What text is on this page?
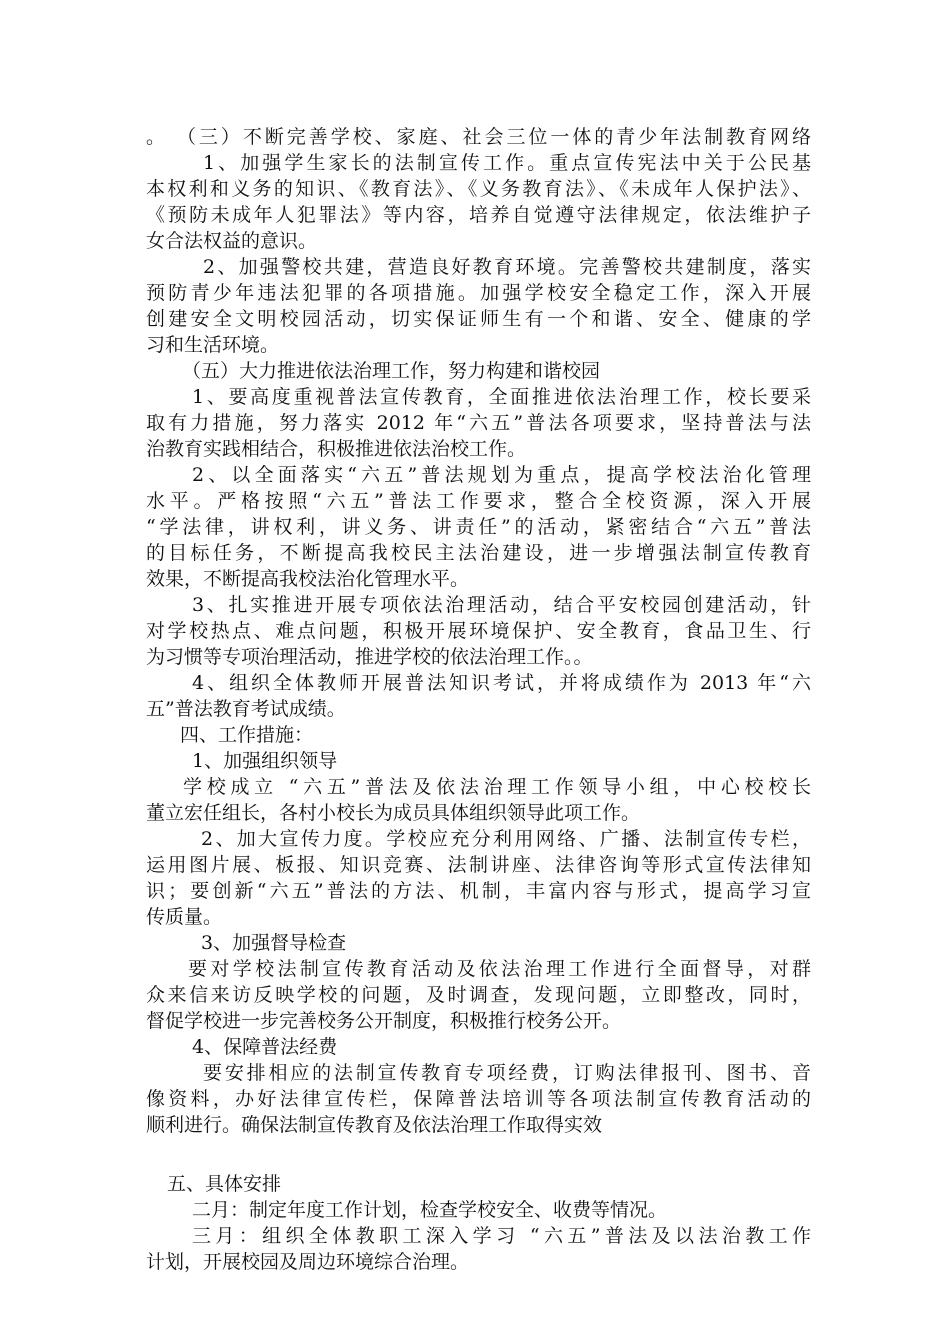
。 （三）不断完善学校、家庭、社会三位一体的青少年法制教育网络
1、加强学生家长的法制宣传工作。重点宣传宪法中关于公民基
本权利和义务的知识、《教育法》、《义务教育法》、《未成年人保护法》、
《预防未成年人犯罪法》等内容，培养自觉遵守法律规定，依法维护子
女合法权益的意识。
2、加强警校共建，营造良好教育环境。完善警校共建制度，落实
预防青少年违法犯罪的各项措施。加强学校安全稳定工作，深入开展
创建安全文明校园活动，切实保证师生有一个和谐、安全、健康的学
习和生活环境。
（五）大力推进依法治理工作，努力构建和谐校园
1、要高度重视普法宣传教育，全面推进依法治理工作，校长要采
取有力措施，努力落实 2012 年“六五”普法各项要求，坚持普法与法
治教育实践相结合，积极推进依法治校工作。
2、以全面落实“六五”普法规划为重点，提高学校法治化管理
水平。严格按照“六五”普法工作要求，整合全校资源，深入开展
“学法律，讲权利，讲义务、讲责任”的活动，紧密结合“六五”普法
的目标任务，不断提高我校民主法治建设，进一步增强法制宣传教育
效果，不断提高我校法治化管理水平。
3、扎实推进开展专项依法治理活动，结合平安校园创建活动，针
对学校热点、难点问题，积极开展环境保护、安全教育，食品卫生、行
为习惯等专项治理活动，推进学校的依法治理工作。。
4、组织全体教师开展普法知识考试，并将成绩作为 2013 年“六
五”普法教育考试成绩。
四、工作措施：
1、加强组织领导
学校成立 “六五”普法及依法治理工作领导小组，中心校校长
董立宏任组长，各村小校长为成员具体组织领导此项工作。
2、加大宣传力度。学校应充分利用网络、广播、法制宣传专栏，
运用图片展、板报、知识竞赛、法制讲座、法律咨询等形式宣传法律知
识；要创新“六五”普法的方法、机制，丰富内容与形式，提高学习宣
传质量。
3、加强督导检查
要对学校法制宣传教育活动及依法治理工作进行全面督导，对群
众来信来访反映学校的问题，及时调查，发现问题，立即整改，同时，
督促学校进一步完善校务公开制度，积极推行校务公开。
4、保障普法经费
要安排相应的法制宣传教育专项经费，订购法律报刊、图书、音
像资料，办好法律宣传栏，保障普法培训等各项法制宣传教育活动的
顺利进行。确保法制宣传教育及依法治理工作取得实效
五、具体安排
二月：制定年度工作计划，检查学校安全、收费等情况。
三月：组织全体教职工深入学习 “六五”普法及以法治教工作
计划，开展校园及周边环境综合治理。
